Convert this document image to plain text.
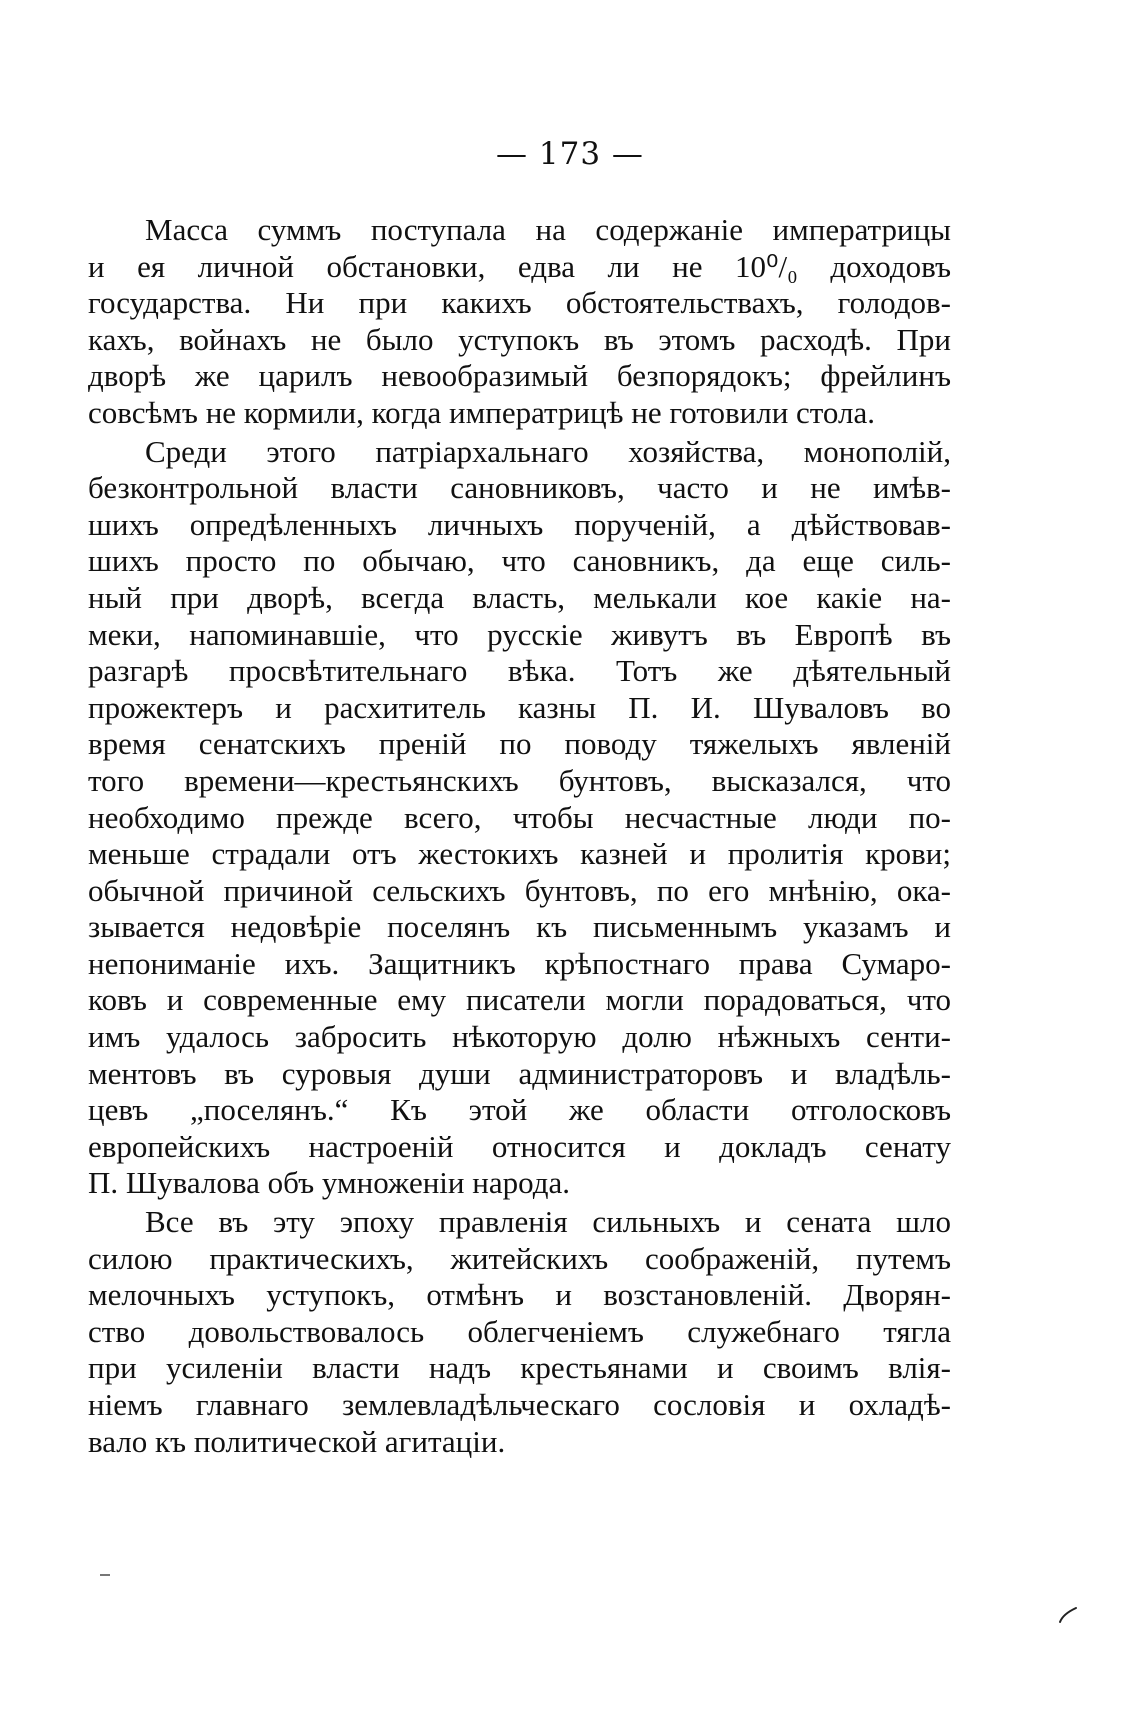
— 173 —
Масса суммъ поступала на содержаніе императрицы
и ея личной обстановки, едва ли не 10⁰/₀ доходовъ
государства. Ни при какихъ обстоятельствахъ, голодов-
кахъ, войнахъ не было уступокъ въ этомъ расходѣ. При
дворѣ же царилъ невообразимый безпорядокъ; фрейлинъ
совсѣмъ не кормили, когда императрицѣ не готовили стола.
Среди этого патріархальнаго хозяйства, монополій,
безконтрольной власти сановниковъ, часто и не имѣв-
шихъ опредѣленныхъ личныхъ порученій, а дѣйствовав-
шихъ просто по обычаю, что сановникъ, да еще силь-
ный при дворѣ, всегда власть, мелькали кое какіе на-
меки, напоминавшіе, что русскіе живутъ въ Европѣ въ
разгарѣ просвѣтительнаго вѣка. Тотъ же дѣятельный
прожектеръ и расхититель казны П. И. Шуваловъ во
время сенатскихъ преній по поводу тяжелыхъ явленій
того времени—крестьянскихъ бунтовъ, высказался, что
необходимо прежде всего, чтобы несчастные люди по-
меньше страдали отъ жестокихъ казней и пролитія крови;
обычной причиной сельскихъ бунтовъ, по его мнѣнію, ока-
зывается недовѣріе поселянъ къ письменнымъ указамъ и
непониманіе ихъ. Защитникъ крѣпостнаго права Сумаро-
ковъ и современные ему писатели могли порадоваться, что
имъ удалось забросить нѣкоторую долю нѣжныхъ сенти-
ментовъ въ суровыя души администраторовъ и владѣль-
цевъ „поселянъ.“ Къ этой же области отголосковъ
европейскихъ настроеній относится и докладъ сенату
П. Шувалова объ умноженіи народа.
Все въ эту эпоху правленія сильныхъ и сената шло
силою практическихъ, житейскихъ соображеній, путемъ
мелочныхъ уступокъ, отмѣнъ и возстановленій. Дворян-
ство довольствовалось облегченіемъ служебнаго тягла
при усиленіи власти надъ крестьянами и своимъ влія-
ніемъ главнаго землевладѣльческаго сословія и охладѣ-
вало къ политической агитаціи.
